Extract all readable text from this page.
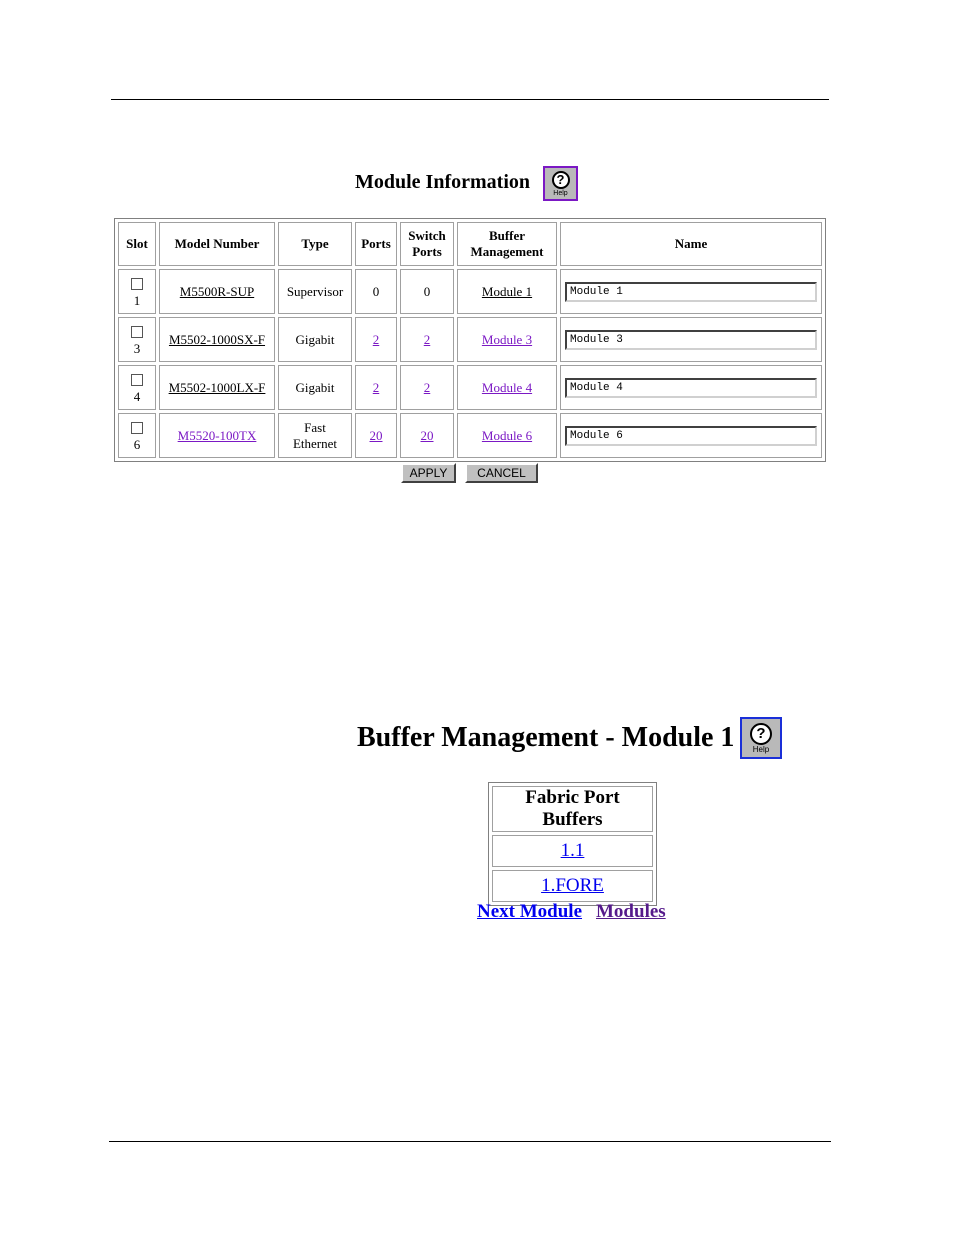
Module Information	?
Help
Slot	Model Number	Type	Ports	Switch Ports	Buffer Management	Name

1	M5500R-SUP	Supervisor	0	0	Module 1	Module 1

3	M5502-1000SX-F	Gigabit	2	2	Module 3	Module 3

4	M5502-1000LX-F	Gigabit	2	2	Module 4	Module 4

6	M5520-100TX	Fast Ethernet	20	20	Module 6	Module 6
APPLY	CANCEL
Buffer Management - Module 1	?
Help
Fabric Port Buffers
1.1
1.FORE
Next Module Modules
